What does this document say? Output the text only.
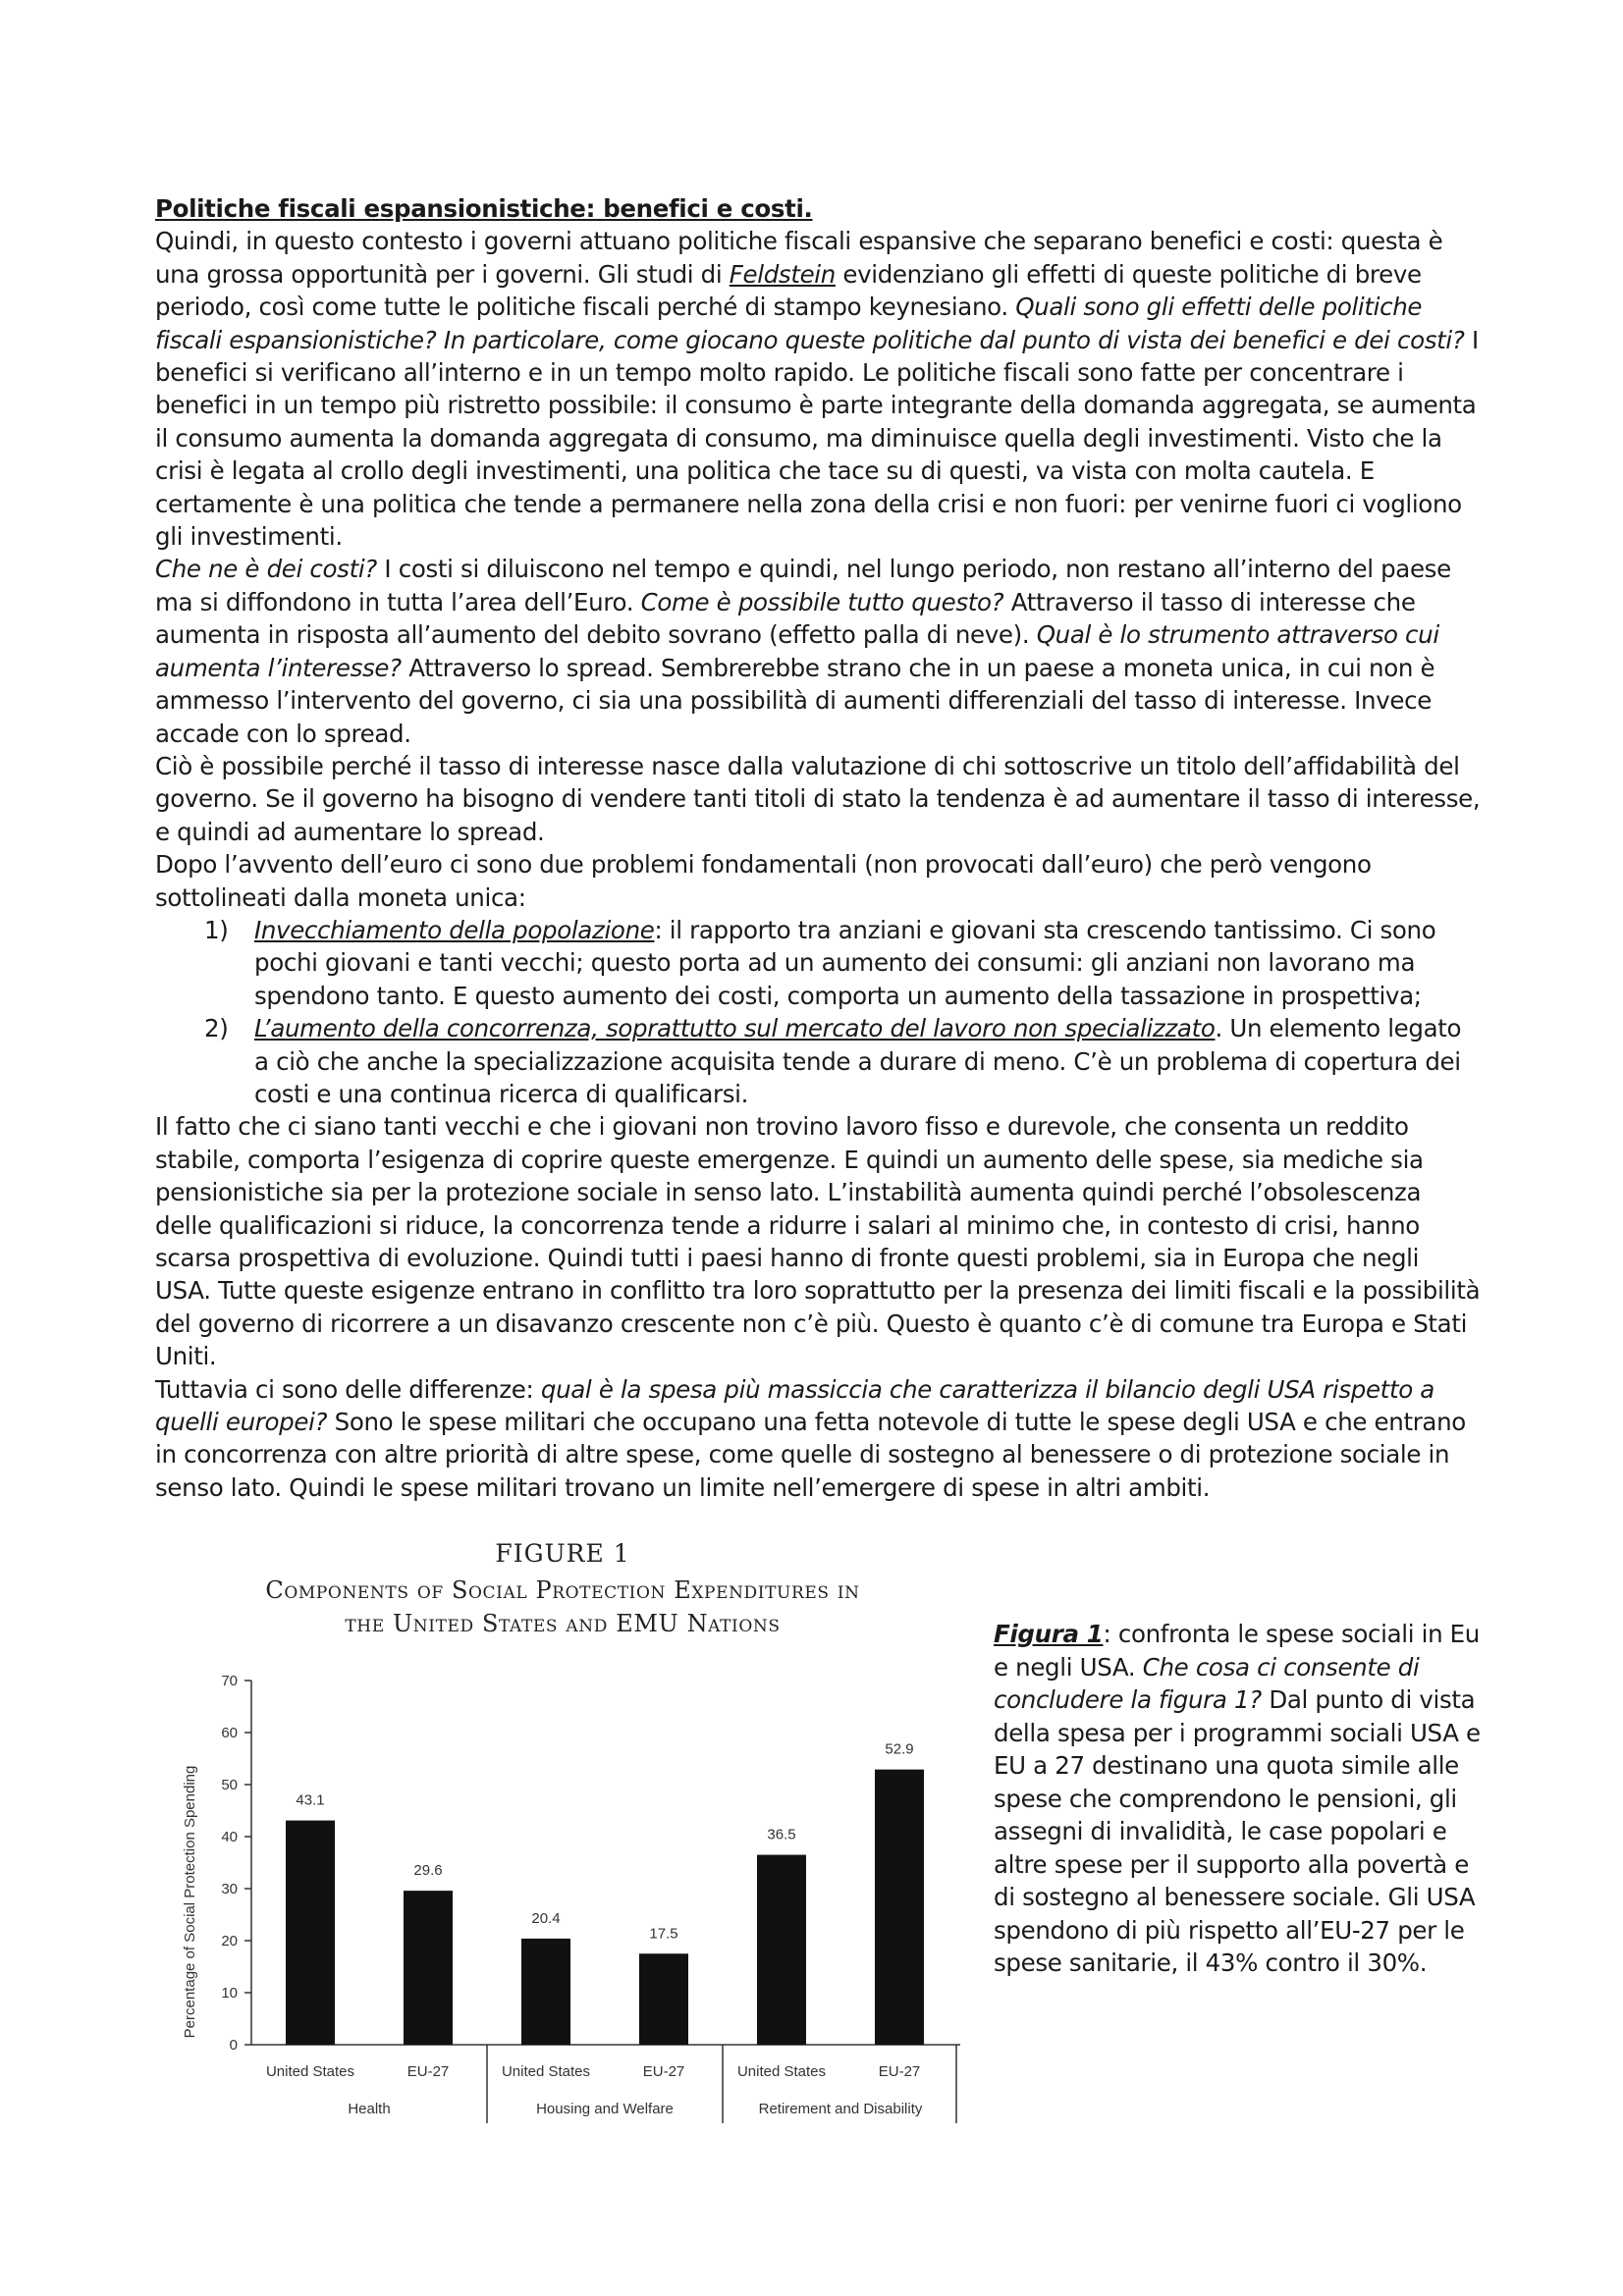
Politiche fiscali espansionistiche: benefici e costi.

Quindi, in questo contesto i governi attuano politiche fiscali espansive che separano benefici e costi: questa è una grossa opportunità per i governi. Gli studi di Feldstein evidenziano gli effetti di queste politiche di breve periodo, così come tutte le politiche fiscali perché di stampo keynesiano. Quali sono gli effetti delle politiche fiscali espansionistiche? In particolare, come giocano queste politiche dal punto di vista dei benefici e dei costi? I benefici si verificano all’interno e in un tempo molto rapido. Le politiche fiscali sono fatte per concentrare i benefici in un tempo più ristretto possibile: il consumo è parte integrante della domanda aggregata, se aumenta il consumo aumenta la domanda aggregata di consumo, ma diminuisce quella degli investimenti. Visto che la crisi è legata al crollo degli investimenti, una politica che tace su di questi, va vista con molta cautela. E certamente è una politica che tende a permanere nella zona della crisi e non fuori: per venirne fuori ci vogliono gli investimenti.

Che ne è dei costi? I costi si diluiscono nel tempo e quindi, nel lungo periodo, non restano all’interno del paese ma si diffondono in tutta l’area dell’Euro. Come è possibile tutto questo? Attraverso il tasso di interesse che aumenta in risposta all’aumento del debito sovrano (effetto palla di neve). Qual è lo strumento attraverso cui aumenta l’interesse? Attraverso lo spread. Sembrerebbe strano che in un paese a moneta unica, in cui non è ammesso l’intervento del governo, ci sia una possibilità di aumenti differenziali del tasso di interesse. Invece accade con lo spread.

Ciò è possibile perché il tasso di interesse nasce dalla valutazione di chi sottoscrive un titolo dell’affidabilità del governo. Se il governo ha bisogno di vendere tanti titoli di stato la tendenza è ad aumentare il tasso di interesse, e quindi ad aumentare lo spread.

Dopo l’avvento dell’euro ci sono due problemi fondamentali (non provocati dall’euro) che però vengono sottolineati dalla moneta unica:

1) Invecchiamento della popolazione: il rapporto tra anziani e giovani sta crescendo tantissimo. Ci sono pochi giovani e tanti vecchi; questo porta ad un aumento dei consumi: gli anziani non lavorano ma spendono tanto. E questo aumento dei costi, comporta un aumento della tassazione in prospettiva;
2) L’aumento della concorrenza, soprattutto sul mercato del lavoro non specializzato. Un elemento legato a ciò che anche la specializzazione acquisita tende a durare di meno. C’è un problema di copertura dei costi e una continua ricerca di qualificarsi.

Il fatto che ci siano tanti vecchi e che i giovani non trovino lavoro fisso e durevole, che consenta un reddito stabile, comporta l’esigenza di coprire queste emergenze. E quindi un aumento delle spese, sia mediche sia pensionistiche sia per la protezione sociale in senso lato. L’instabilità aumenta quindi perché l’obsolescenza delle qualificazioni si riduce, la concorrenza tende a ridurre i salari al minimo che, in contesto di crisi, hanno scarsa prospettiva di evoluzione. Quindi tutti i paesi hanno di fronte questi problemi, sia in Europa che negli USA. Tutte queste esigenze entrano in conflitto tra loro soprattutto per la presenza dei limiti fiscali e la possibilità del governo di ricorrere a un disavanzo crescente non c’è più. Questo è quanto c’è di comune tra Europa e Stati Uniti.

Tuttavia ci sono delle differenze: qual è la spesa più massiccia che caratterizza il bilancio degli USA rispetto a quelli europei? Sono le spese militari che occupano una fetta notevole di tutte le spese degli USA e che entrano in concorrenza con altre priorità di altre spese, come quelle di sostegno al benessere o di protezione sociale in senso lato. Quindi le spese militari trovano un limite nell’emergere di spese in altri ambiti.

FIGURE 1
Components of Social Protection Expenditures in
the United States and EMU Nations
0
10
20
30
40
50
60
70
Percentage of Social Protection Spending	43.1
United States
29.6
EU-27
Health
20.4
United States
17.5
EU-27
Housing and Welfare
36.5
United States
52.9
EU-27
Retirement and Disability

Figura 1: confronta le spese sociali in Eu e negli USA. Che cosa ci consente di concludere la figura 1? Dal punto di vista della spesa per i programmi sociali USA e EU a 27 destinano una quota simile alle spese che comprendono le pensioni, gli assegni di invalidità, le case popolari e altre spese per il supporto alla povertà e di sostegno al benessere sociale. Gli USA spendono di più rispetto all’EU-27 per le spese sanitarie, il 43% contro il 30%.
